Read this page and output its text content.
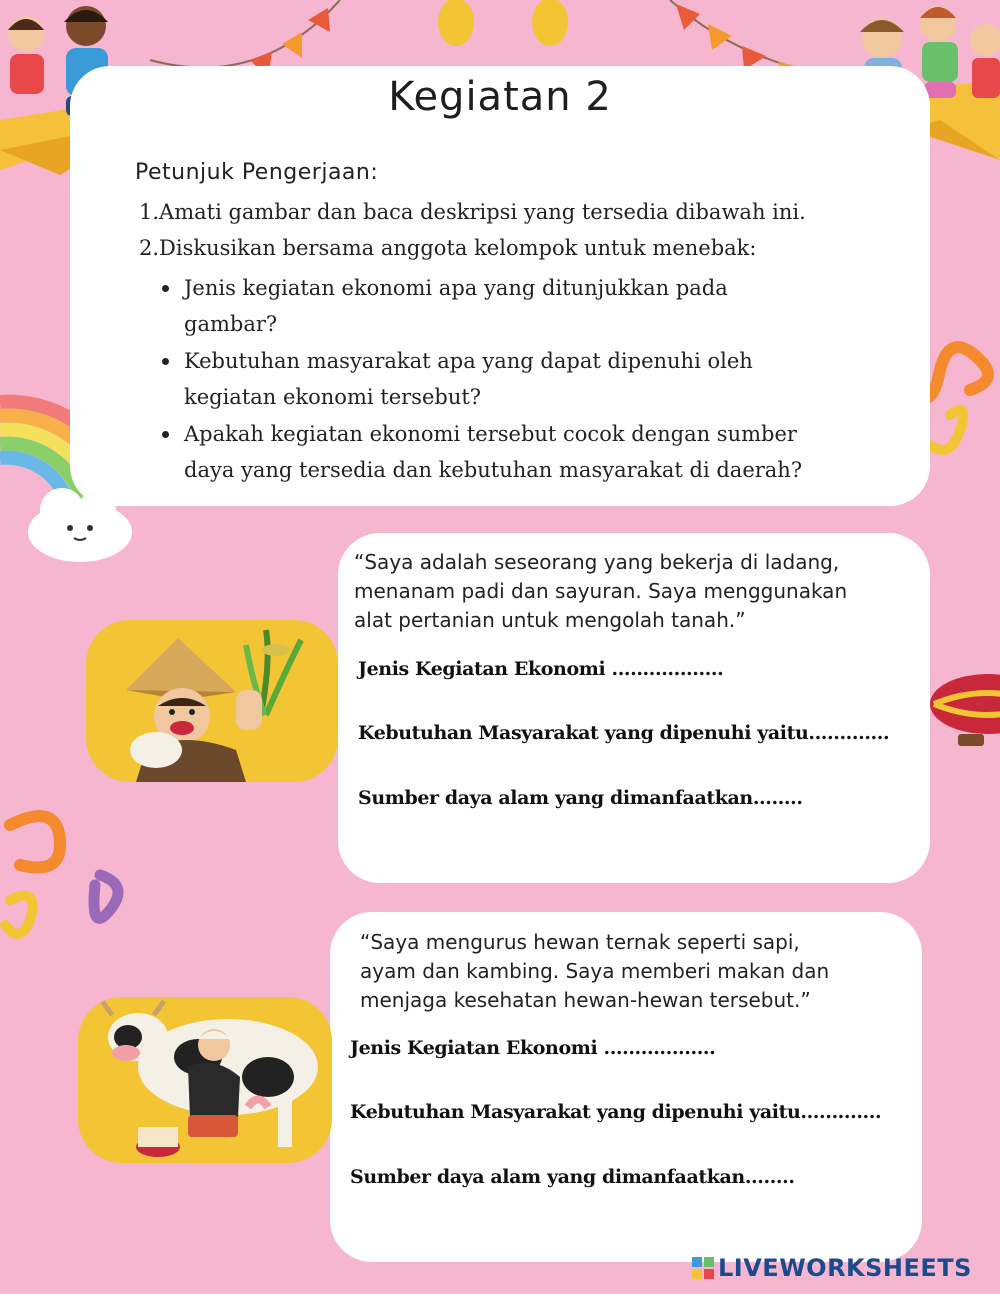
Kegiatan 2
Petunjuk Pengerjaan:
1.Amati gambar dan baca deskripsi yang tersedia dibawah ini.
2.Diskusikan bersama anggota kelompok untuk menebak:
Jenis kegiatan ekonomi apa yang ditunjukkan pada
gambar?
Kebutuhan masyarakat apa yang dapat dipenuhi oleh
kegiatan ekonomi tersebut?
Apakah kegiatan ekonomi tersebut cocok dengan sumber
daya yang tersedia dan kebutuhan masyarakat di daerah?
“Saya adalah seseorang yang bekerja di ladang,
menanam padi dan sayuran. Saya menggunakan
alat pertanian untuk mengolah tanah.”
Jenis Kegiatan Ekonomi ..................
Kebutuhan Masyarakat yang dipenuhi yaitu.............
Sumber daya alam yang dimanfaatkan........
“Saya mengurus hewan ternak seperti sapi,
ayam dan kambing. Saya memberi makan dan
menjaga kesehatan hewan-hewan tersebut.”
Jenis Kegiatan Ekonomi ..................
Kebutuhan Masyarakat yang dipenuhi yaitu.............
Sumber daya alam yang dimanfaatkan........
LIVEWORKSHEETS
